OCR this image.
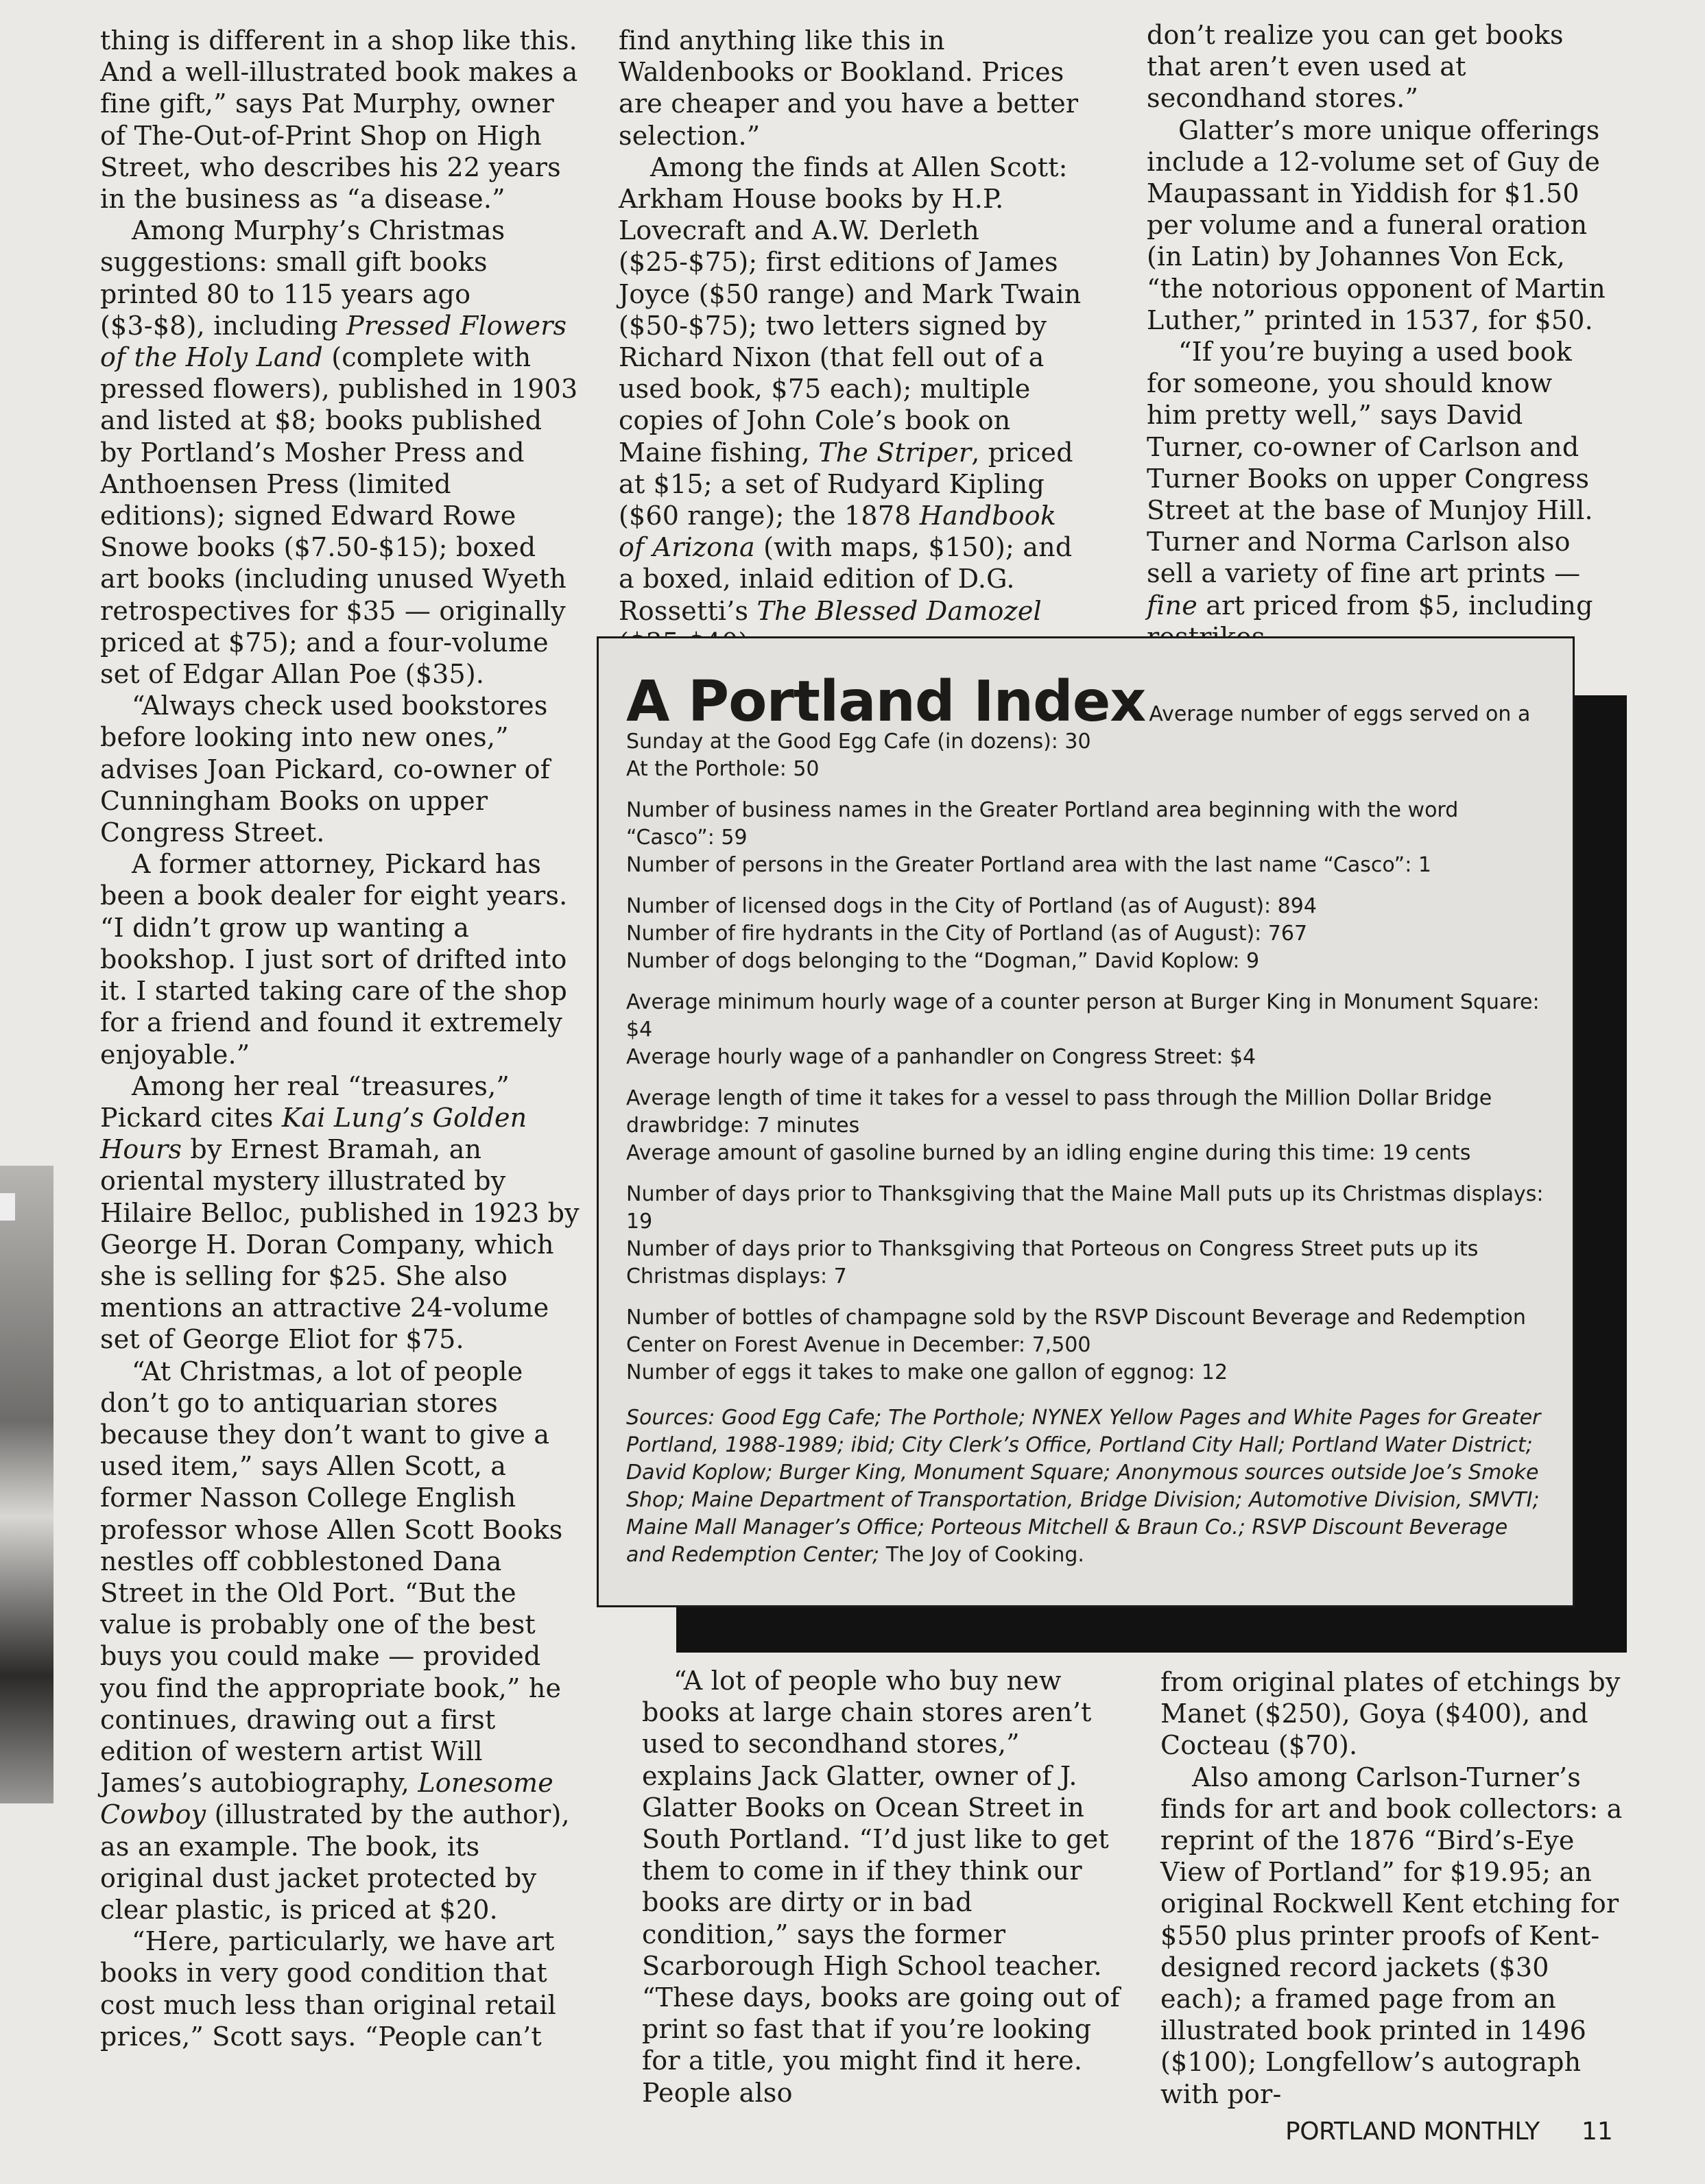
thing is different in a shop like this. And a well-illustrated book makes a fine gift,” says Pat Murphy, owner of The-Out-of-Print Shop on High Street, who describes his 22 years in the business as “a disease.”

Among Murphy’s Christmas suggestions: small gift books printed 80 to 115 years ago ($3-$8), including Pressed Flowers of the Holy Land (complete with pressed flowers), published in 1903 and listed at $8; books published by Portland’s Mosher Press and Anthoensen Press (limited editions); signed Edward Rowe Snowe books ($7.50-$15); boxed art books (including unused Wyeth retrospectives for $35 — originally priced at $75); and a four-volume set of Edgar Allan Poe ($35).

“Always check used bookstores before looking into new ones,” advises Joan Pickard, co-owner of Cunningham Books on upper Congress Street.

A former attorney, Pickard has been a book dealer for eight years. “I didn’t grow up wanting a bookshop. I just sort of drifted into it. I started taking care of the shop for a friend and found it extremely enjoyable.”

Among her real “treasures,” Pickard cites Kai Lung’s Golden Hours by Ernest Bramah, an oriental mystery illustrated by Hilaire Belloc, published in 1923 by George H. Doran Company, which she is selling for $25. She also mentions an attractive 24-volume set of George Eliot for $75.

“At Christmas, a lot of people don’t go to antiquarian stores because they don’t want to give a used item,” says Allen Scott, a former Nasson College English professor whose Allen Scott Books nestles off cobblestoned Dana Street in the Old Port. “But the value is probably one of the best buys you could make — provided you find the appropriate book,” he continues, drawing out a first edition of western artist Will James’s autobiography, Lonesome Cowboy (illustrated by the author), as an example. The book, its original dust jacket protected by clear plastic, is priced at $20.

“Here, particularly, we have art books in very good condition that cost much less than original retail prices,” Scott says. “People can’t

find anything like this in Waldenbooks or Bookland. Prices are cheaper and you have a better selection.”

Among the finds at Allen Scott: Arkham House books by H.P. Lovecraft and A.W. Derleth ($25-$75); first editions of James Joyce ($50 range) and Mark Twain ($50-$75); two letters signed by Richard Nixon (that fell out of a used book, $75 each); multiple copies of John Cole’s book on Maine fishing, The Striper, priced at $15; a set of Rudyard Kipling ($60 range); the 1878 Handbook of Arizona (with maps, $150); and a boxed, inlaid edition of D.G. Rossetti’s The Blessed Damozel

don’t realize you can get books that aren’t even used at secondhand stores.”

Glatter’s more unique offerings include a 12-volume set of Guy de Maupassant in Yiddish for $1.50 per volume and a funeral oration (in Latin) by Johannes Von Eck, “the notorious opponent of Martin Luther,” printed in 1537, for $50.

“If you’re buying a used book for someone, you should know him pretty well,” says David Turner, co-owner of Carlson and Turner Books on upper Congress Street at the base of Munjoy Hill. Turner and Norma Carlson also sell a variety of fine art prints — fine art priced from $5, including

A Portland Index Average number of eggs served on a Sunday at the Good Egg Cafe (in dozens): 30
At the Porthole: 50
Number of business names in the Greater Portland area beginning with the word “Casco”: 59
Number of persons in the Greater Portland area with the last name “Casco”: 1
Number of licensed dogs in the City of Portland (as of August): 894
Number of fire hydrants in the City of Portland (as of August): 767
Number of dogs belonging to the “Dogman,” David Koplow: 9
Average minimum hourly wage of a counter person at Burger King in Monument Square: $4
Average hourly wage of a panhandler on Congress Street: $4
Average length of time it takes for a vessel to pass through the Million Dollar Bridge drawbridge: 7 minutes
Average amount of gasoline burned by an idling engine during this time: 19 cents
Number of days prior to Thanksgiving that the Maine Mall puts up its Christmas displays: 19
Number of days prior to Thanksgiving that Porteous on Congress Street puts up its Christmas displays: 7
Number of bottles of champagne sold by the RSVP Discount Beverage and Redemption Center on Forest Avenue in December: 7,500
Number of eggs it takes to make one gallon of eggnog: 12
Sources: Good Egg Cafe; The Porthole; NYNEX Yellow Pages and White Pages for Greater Portland, 1988-1989; ibid; City Clerk’s Office, Portland City Hall; Portland Water District; David Koplow; Burger King, Monument Square; Anonymous sources outside Joe’s Smoke Shop; Maine Department of Transportation, Bridge Division; Automotive Division, SMVTI; Maine Mall Manager’s Office; Porteous Mitchell & Braun Co.; RSVP Discount Beverage and Redemption Center; The Joy of Cooking.

“A lot of people who buy new books at large chain stores aren’t used to secondhand stores,” explains Jack Glatter, owner of J. Glatter Books on Ocean Street in South Portland. “I’d just like to get them to come in if they think our books are dirty or in bad condition,” says the former Scarborough High School teacher. “These days, books are going out of print so fast that if you’re looking for a title, you might find it here. People also

from original plates of etchings by Manet ($250), Goya ($400), and Cocteau ($70).

Also among Carlson-Turner’s finds for art and book collectors: a reprint of the 1876 “Bird’s-Eye View of Portland” for $19.95; an original Rockwell Kent etching for $550 plus printer proofs of Kent-designed record jackets ($30 each); a framed page from an illustrated book printed in 1496 ($100); Longfellow’s autograph with por-

PORTLAND MONTHLY 11
